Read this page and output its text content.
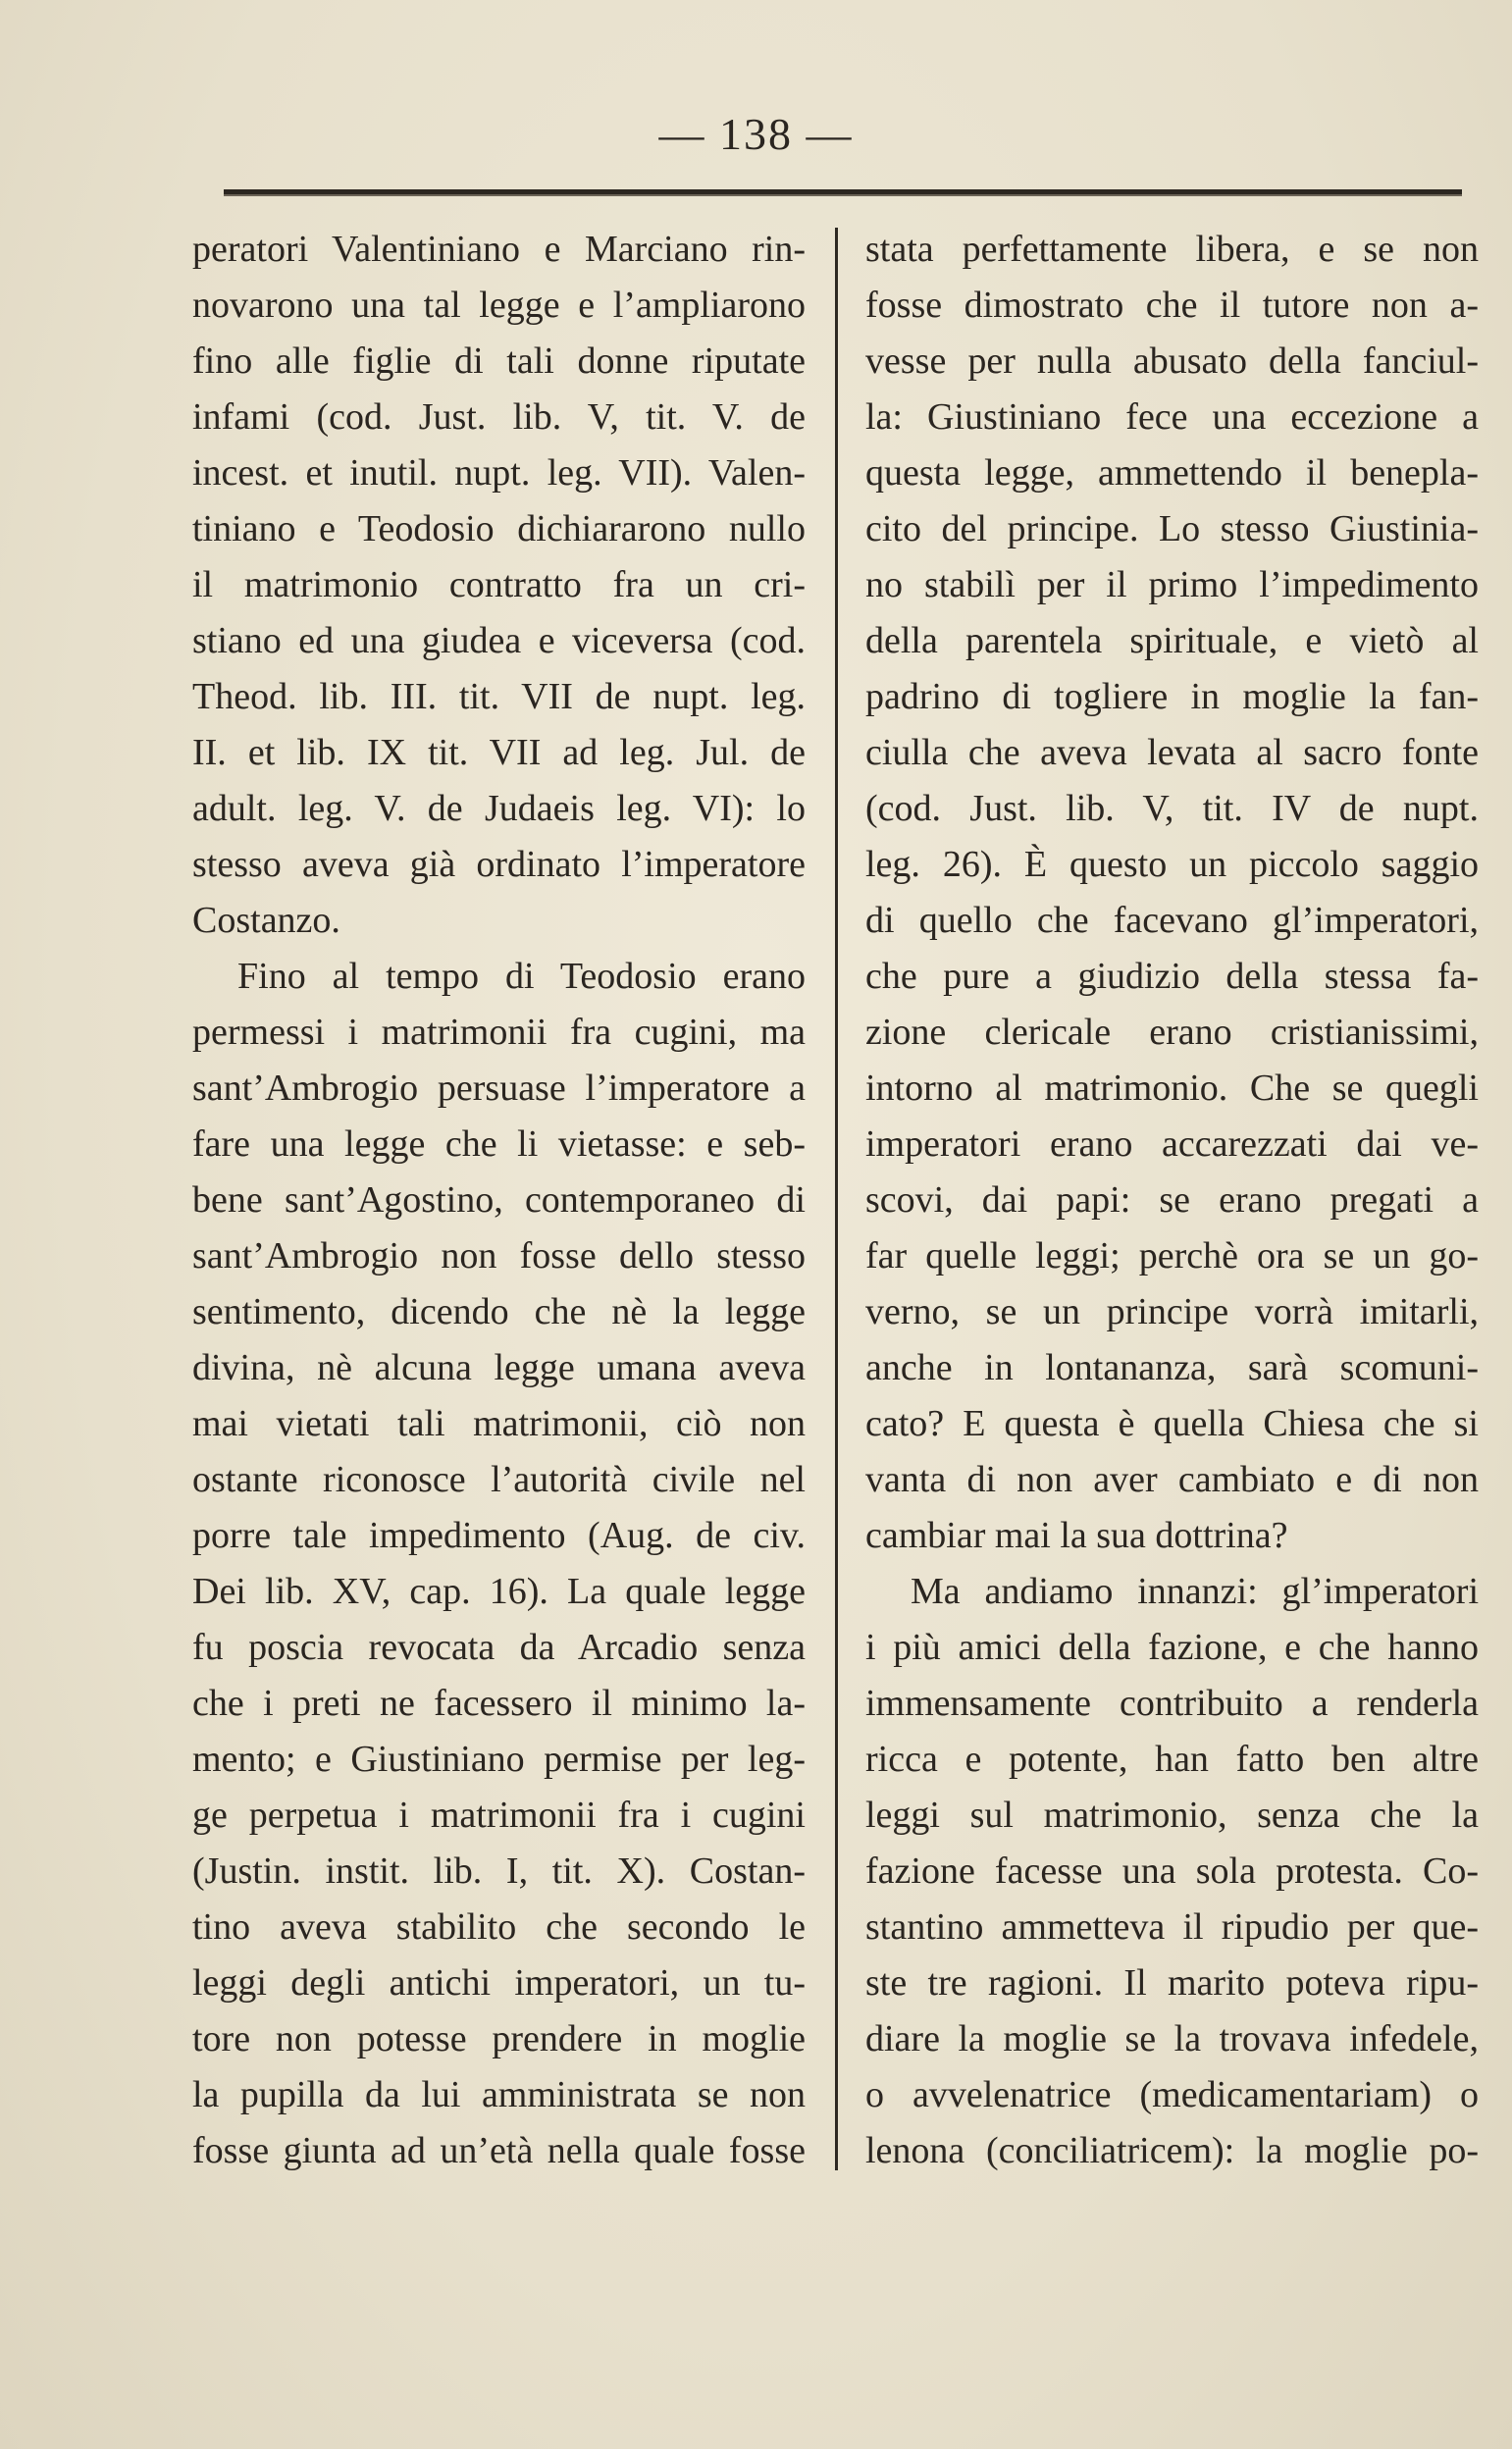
— 138 —
peratori Valentiniano e Marciano rin-
novarono una tal legge e l’ampliarono
fino alle figlie di tali donne riputate
infami (cod. Just. lib. V, tit. V. de
incest. et inutil. nupt. leg. VII). Valen-
tiniano e Teodosio dichiararono nullo
il matrimonio contratto fra un cri-
stiano ed una giudea e viceversa (cod.
Theod. lib. III. tit. VII de nupt. leg.
II. et lib. IX tit. VII ad leg. Jul. de
adult. leg. V. de Judaeis leg. VI): lo
stesso aveva già ordinato l’imperatore
Costanzo.
Fino al tempo di Teodosio erano
permessi i matrimonii fra cugini, ma
sant’Ambrogio persuase l’imperatore a
fare una legge che li vietasse: e seb-
bene sant’Agostino, contemporaneo di
sant’Ambrogio non fosse dello stesso
sentimento, dicendo che nè la legge
divina, nè alcuna legge umana aveva
mai vietati tali matrimonii, ciò non
ostante riconosce l’autorità civile nel
porre tale impedimento (Aug. de civ.
Dei lib. XV, cap. 16). La quale legge
fu poscia revocata da Arcadio senza
che i preti ne facessero il minimo la-
mento; e Giustiniano permise per leg-
ge perpetua i matrimonii fra i cugini
(Justin. instit. lib. I, tit. X). Costan-
tino aveva stabilito che secondo le
leggi degli antichi imperatori, un tu-
tore non potesse prendere in moglie
la pupilla da lui amministrata se non
fosse giunta ad un’età nella quale fosse
stata perfettamente libera, e se non
fosse dimostrato che il tutore non a-
vesse per nulla abusato della fanciul-
la: Giustiniano fece una eccezione a
questa legge, ammettendo il benepla-
cito del principe. Lo stesso Giustinia-
no stabilì per il primo l’impedimento
della parentela spirituale, e vietò al
padrino di togliere in moglie la fan-
ciulla che aveva levata al sacro fonte
(cod. Just. lib. V, tit. IV de nupt.
leg. 26). È questo un piccolo saggio
di quello che facevano gl’imperatori,
che pure a giudizio della stessa fa-
zione clericale erano cristianissimi,
intorno al matrimonio. Che se quegli
imperatori erano accarezzati dai ve-
scovi, dai papi: se erano pregati a
far quelle leggi; perchè ora se un go-
verno, se un principe vorrà imitarli,
anche in lontananza, sarà scomuni-
cato? E questa è quella Chiesa che si
vanta di non aver cambiato e di non
cambiar mai la sua dottrina?
Ma andiamo innanzi: gl’imperatori
i più amici della fazione, e che hanno
immensamente contribuito a renderla
ricca e potente, han fatto ben altre
leggi sul matrimonio, senza che la
fazione facesse una sola protesta. Co-
stantino ammetteva il ripudio per que-
ste tre ragioni. Il marito poteva ripu-
diare la moglie se la trovava infedele,
o avvelenatrice (medicamentariam) o
lenona (conciliatricem): la moglie po-
